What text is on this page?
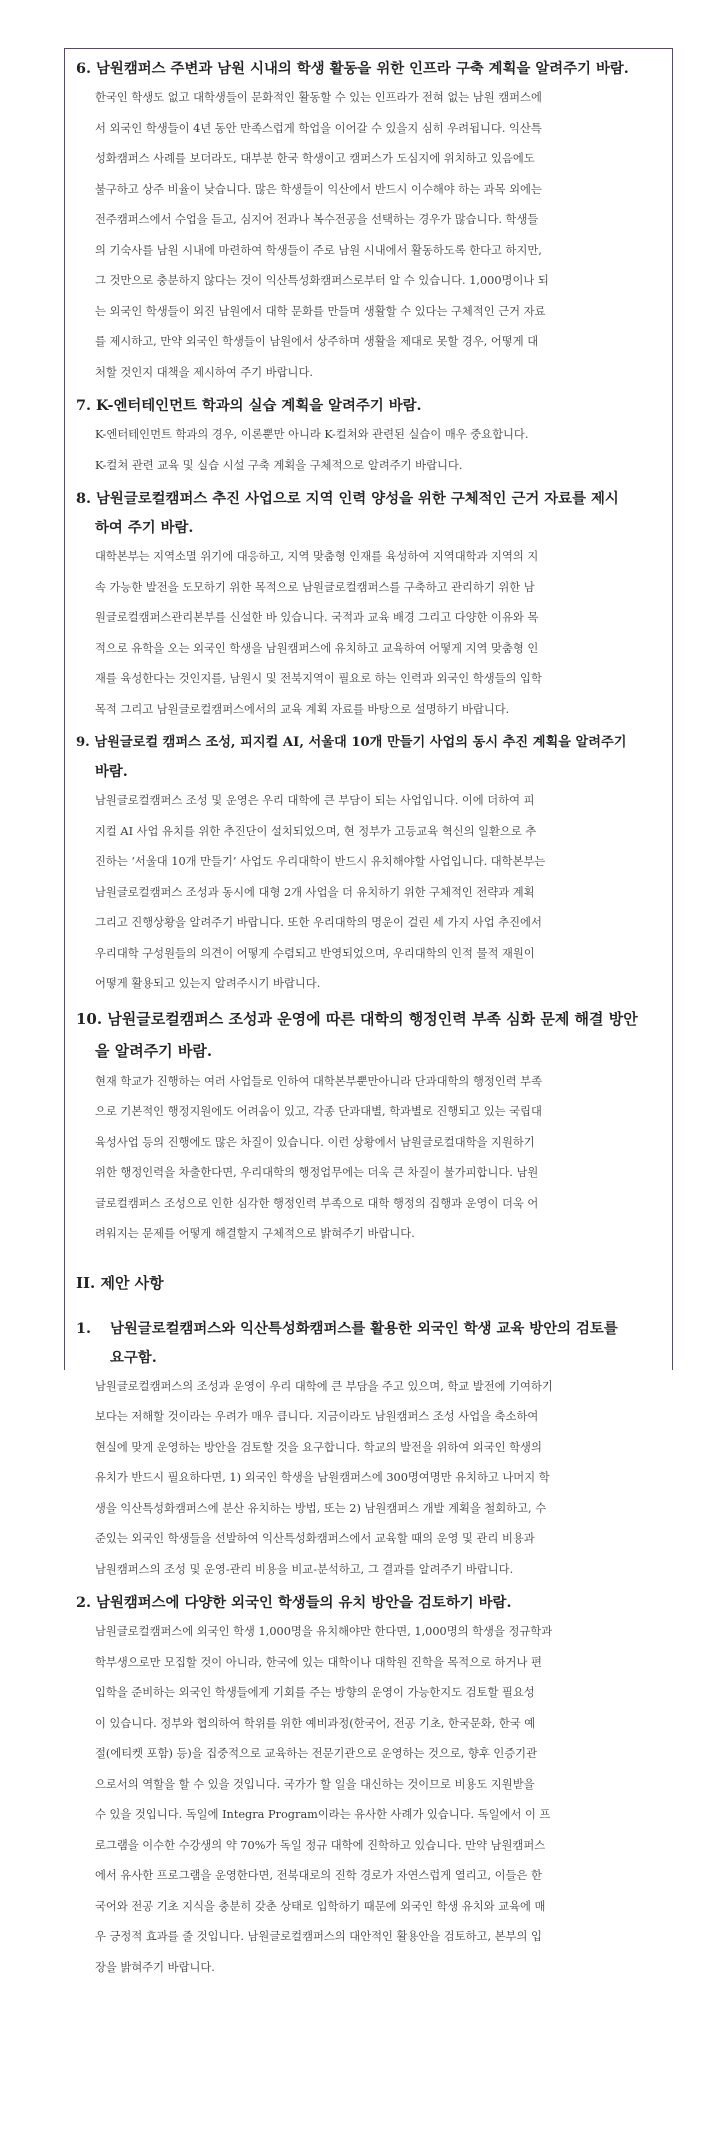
6. 남원캠퍼스 주변과 남원 시내의 학생 활동을 위한 인프라 구축 계획을 알려주기 바람.

한국인 학생도 없고 대학생들이 문화적인 활동할 수 있는 인프라가 전혀 없는 남원 캠퍼스에
서 외국인 학생들이 4년 동안 만족스럽게 학업을 이어갈 수 있을지 심히 우려됩니다. 익산특
성화캠퍼스 사례를 보더라도, 대부분 한국 학생이고 캠퍼스가 도심지에 위치하고 있음에도
불구하고 상주 비율이 낮습니다. 많은 학생들이 익산에서 반드시 이수해야 하는 과목 외에는
전주캠퍼스에서 수업을 듣고, 심지어 전과나 복수전공을 선택하는 경우가 많습니다. 학생들
의 기숙사를 남원 시내에 마련하여 학생들이 주로 남원 시내에서 활동하도록 한다고 하지만,
그 것만으로 충분하지 않다는 것이 익산특성화캠퍼스로부터 알 수 있습니다. 1,000명이나 되
는 외국인 학생들이 외진 남원에서 대학 문화를 만들며 생활할 수 있다는 구체적인 근거 자료
를 제시하고, 만약 외국인 학생들이 남원에서 상주하며 생활을 제대로 못할 경우, 어떻게 대
처할 것인지 대책을 제시하여 주기 바랍니다.

7. K-엔터테인먼트 학과의 실습 계획을 알려주기 바람.

K-엔터테인먼트 학과의 경우, 이론뿐만 아니라 K-컬쳐와 관련된 실습이 매우 중요합니다.
K-컬쳐 관련 교육 및 실습 시설 구축 계획을 구체적으로 알려주기 바랍니다.

8. 남원글로컬캠퍼스 추진 사업으로 지역 인력 양성을 위한 구체적인 근거 자료를 제시

하여 주기 바람.

대학본부는 지역소멸 위기에 대응하고, 지역 맞춤형 인재를 육성하여 지역대학과 지역의 지
속 가능한 발전을 도모하기 위한 목적으로 남원글로컬캠퍼스를 구축하고 관리하기 위한 남
원글로컬캠퍼스관리본부를 신설한 바 있습니다. 국적과 교육 배경 그리고 다양한 이유와 목
적으로 유학을 오는 외국인 학생을 남원캠퍼스에 유치하고 교육하여 어떻게 지역 맞춤형 인
재를 육성한다는 것인지를, 남원시 및 전북지역이 필요로 하는 인력과 외국인 학생들의 입학
목적 그리고 남원글로컬캠퍼스에서의 교육 계획 자료를 바탕으로 설명하기 바랍니다.

9. 남원글로컬 캠퍼스 조성, 피지컬 AI, 서울대 10개 만들기 사업의 동시 추진 계획을 알려주기

바람.

남원글로컬캠퍼스 조성 및 운영은 우리 대학에 큰 부담이 되는 사업입니다. 이에 더하여 피
지컬 AI 사업 유치를 위한 추진단이 설치되었으며, 현 정부가 고등교육 혁신의 일환으로 추
진하는 ‘서울대 10개 만들기’ 사업도 우리대학이 반드시 유치해야할 사업입니다. 대학본부는
남원글로컬캠퍼스 조성과 동시에 대형 2개 사업을 더 유치하기 위한 구체적인 전략과 계획
그리고 진행상황을 알려주기 바랍니다. 또한 우리대학의 명운이 걸린 세 가지 사업 추진에서
우리대학 구성원들의 의견이 어떻게 수렴되고 반영되었으며, 우리대학의 인적 물적 재원이
어떻게 활용되고 있는지 알려주시기 바랍니다.

10. 남원글로컬캠퍼스 조성과 운영에 따른 대학의 행정인력 부족 심화 문제 해결 방안

을 알려주기 바람.

현재 학교가 진행하는 여러 사업들로 인하여 대학본부뿐만아니라 단과대학의 행정인력 부족
으로 기본적인 행정지원에도 어려움이 있고, 각종 단과대별, 학과별로 진행되고 있는 국립대
육성사업 등의 진행에도 많은 차질이 있습니다. 이런 상황에서 남원글로컬대학을 지원하기
위한 행정인력을 차출한다면, 우리대학의 행정업무에는 더욱 큰 차질이 불가피합니다. 남원
글로컬캠퍼스 조성으로 인한 심각한 행정인력 부족으로 대학 행정의 집행과 운영이 더욱 어
려워지는 문제를 어떻게 해결할지 구체적으로 밝혀주기 바랍니다.

II. 제안 사항

1. 남원글로컬캠퍼스와 익산특성화캠퍼스를 활용한 외국인 학생 교육 방안의 검토를

요구함.

남원글로컬캠퍼스의 조성과 운영이 우리 대학에 큰 부담을 주고 있으며, 학교 발전에 기여하기
보다는 저해할 것이라는 우려가 매우 큽니다. 지금이라도 남원캠퍼스 조성 사업을 축소하여
현실에 맞게 운영하는 방안을 검토할 것을 요구합니다. 학교의 발전을 위하여 외국인 학생의
유치가 반드시 필요하다면, 1) 외국인 학생을 남원캠퍼스에 300명여명만 유치하고 나머지 학
생을 익산특성화캠퍼스에 분산 유치하는 방법, 또는 2) 남원캠퍼스 개발 계획을 철회하고, 수
준있는 외국인 학생들을 선발하여 익산특성화캠퍼스에서 교육할 때의 운영 및 관리 비용과
남원캠퍼스의 조성 및 운영-관리 비용을 비교-분석하고, 그 결과를 알려주기 바랍니다.

2. 남원캠퍼스에 다양한 외국인 학생들의 유치 방안을 검토하기 바람.

남원글로컬캠퍼스에 외국인 학생 1,000명을 유치해야만 한다면, 1,000명의 학생을 정규학과
학부생으로만 모집할 것이 아니라, 한국에 있는 대학이나 대학원 진학을 목적으로 하거나 편
입학을 준비하는 외국인 학생들에게 기회를 주는 방향의 운영이 가능한지도 검토할 필요성
이 있습니다. 정부와 협의하여 학위를 위한 예비과정(한국어, 전공 기초, 한국문화, 한국 예
절(에티켓 포함) 등)을 집중적으로 교육하는 전문기관으로 운영하는 것으로, 향후 인증기관
으로서의 역할을 할 수 있을 것입니다. 국가가 할 일을 대신하는 것이므로 비용도 지원받을
수 있을 것입니다. 독일에 Integra Program이라는 유사한 사례가 있습니다. 독일에서 이 프
로그램을 이수한 수강생의 약 70%가 독일 정규 대학에 진학하고 있습니다. 만약 남원캠퍼스
에서 유사한 프로그램을 운영한다면, 전북대로의 진학 경로가 자연스럽게 열리고, 이들은 한
국어와 전공 기초 지식을 충분히 갖춘 상태로 입학하기 때문에 외국인 학생 유치와 교육에 매
우 긍정적 효과를 줄 것입니다. 남원글로컬캠퍼스의 대안적인 활용안을 검토하고, 본부의 입
장을 밝혀주기 바랍니다.
